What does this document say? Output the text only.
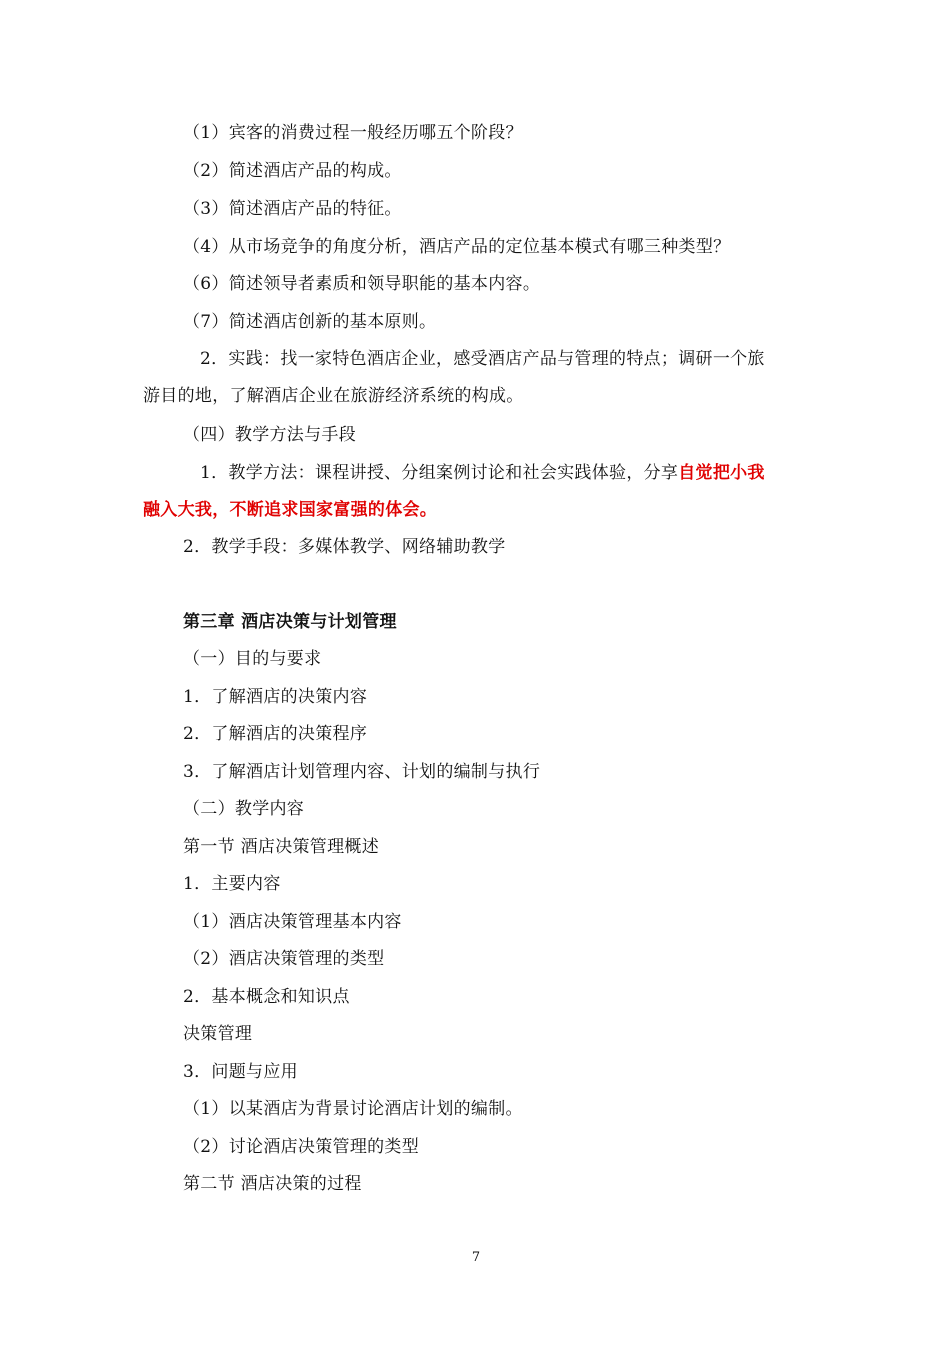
（1）宾客的消费过程一般经历哪五个阶段？
（2）简述酒店产品的构成。
（3）简述酒店产品的特征。
（4）从市场竞争的角度分析，酒店产品的定位基本模式有哪三种类型？
（6）简述领导者素质和领导职能的基本内容。
（7）简述酒店创新的基本原则。
2．实践：找一家特色酒店企业，感受酒店产品与管理的特点；调研一个旅
游目的地，了解酒店企业在旅游经济系统的构成。
（四）教学方法与手段
1．教学方法：课程讲授、分组案例讨论和社会实践体验，分享自觉把小我
融入大我，不断追求国家富强的体会。
2．教学手段：多媒体教学、网络辅助教学
第三章 酒店决策与计划管理
（一）目的与要求
1．了解酒店的决策内容
2．了解酒店的决策程序
3．了解酒店计划管理内容、计划的编制与执行
（二）教学内容
第一节 酒店决策管理概述
1．主要内容
（1）酒店决策管理基本内容
（2）酒店决策管理的类型
2．基本概念和知识点
决策管理
3．问题与应用
（1）以某酒店为背景讨论酒店计划的编制。
（2）讨论酒店决策管理的类型
第二节 酒店决策的过程
7
